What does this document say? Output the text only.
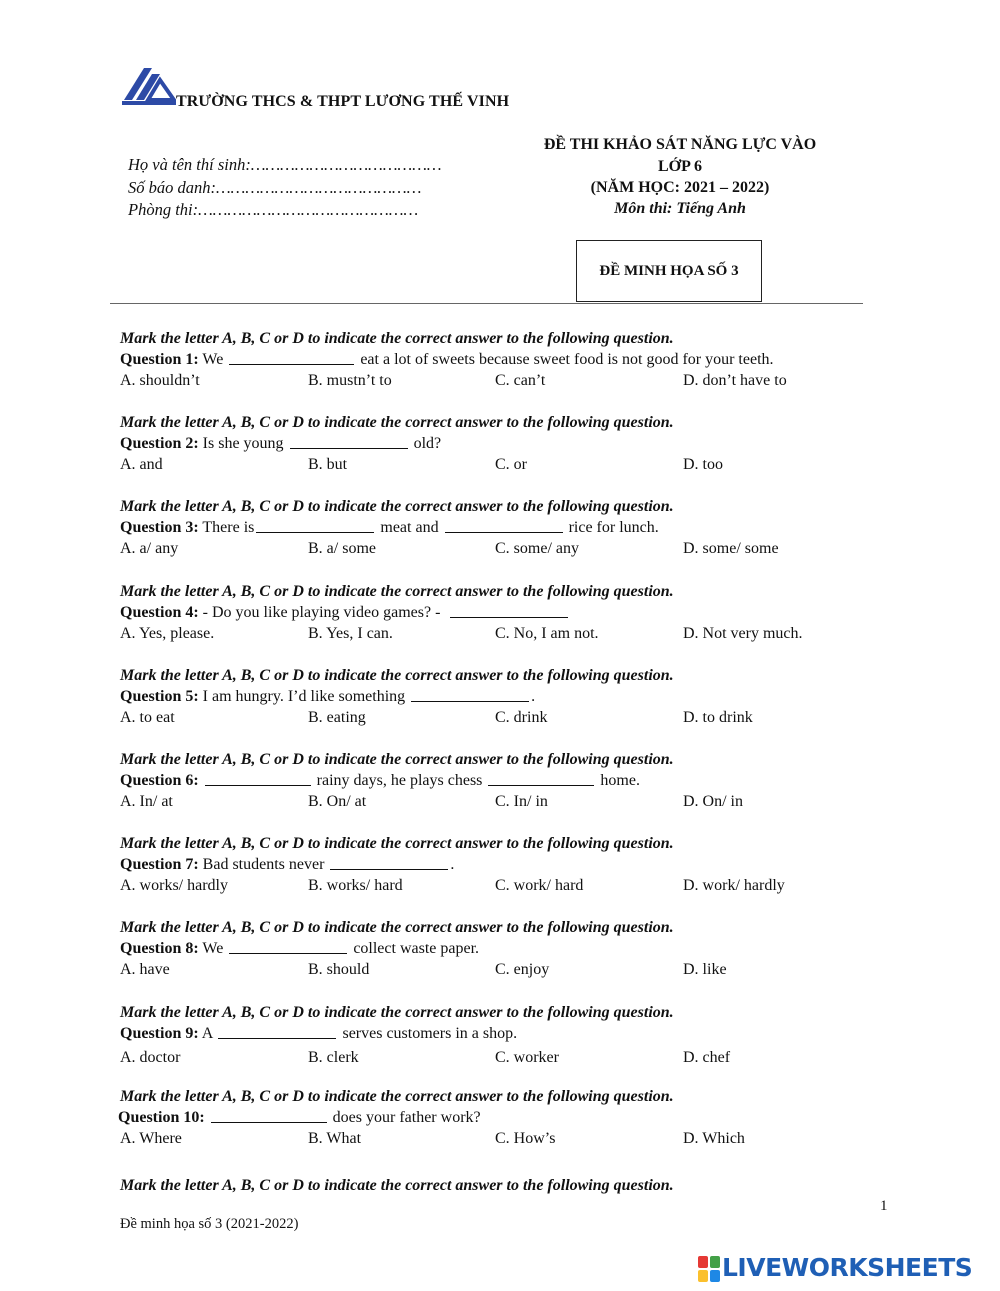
TRƯỜNG THCS & THPT LƯƠNG THẾ VINH
Họ và tên thí sinh:…………………………………
Số báo danh:……………………………………
Phòng thi:………………………………………
ĐỀ THI KHẢO SÁT NĂNG LỰC VÀO
LỚP 6
(NĂM HỌC: 2021 – 2022)
Môn thi: Tiếng Anh
ĐỀ MINH HỌA SỐ 3
Mark the letter A, B, C or D to indicate the correct answer to the following question.
Question 1: We	eat a lot of sweets because sweet food is not good for your teeth.
A. shouldn’t	B. mustn’t to	C. can’t	D. don’t have to
Mark the letter A, B, C or D to indicate the correct answer to the following question.
Question 2: Is she young	old?
A. and	B. but	C. or	D. too
Mark the letter A, B, C or D to indicate the correct answer to the following question.
Question 3: There is	meat and	rice for lunch.
A. a/ any	B. a/ some	C. some/ any	D. some/ some
Mark the letter A, B, C or D to indicate the correct answer to the following question.
Question 4: - Do you like playing video games? -
A. Yes, please.	B. Yes, I can.	C. No, I am not.	D. Not very much.
Mark the letter A, B, C or D to indicate the correct answer to the following question.
Question 5: I am hungry. I’d like something	.
A. to eat	B. eating	C. drink	D. to drink
Mark the letter A, B, C or D to indicate the correct answer to the following question.
Question 6:	rainy days, he plays chess	home.
A. In/ at	B. On/ at	C. In/ in	D. On/ in
Mark the letter A, B, C or D to indicate the correct answer to the following question.
Question 7: Bad students never	.
A. works/ hardly	B. works/ hard	C. work/ hard	D. work/ hardly
Mark the letter A, B, C or D to indicate the correct answer to the following question.
Question 8: We	collect waste paper.
A. have	B. should	C. enjoy	D. like
Mark the letter A, B, C or D to indicate the correct answer to the following question.
Question 9: A	serves customers in a shop.
A. doctor	B. clerk	C. worker	D. chef
Mark the letter A, B, C or D to indicate the correct answer to the following question.
Question 10:	does your father work?
A. Where	B. What	C. How’s	D. Which
Mark the letter A, B, C or D to indicate the correct answer to the following question.
1
Đề minh họa số 3 (2021-2022)
LIVEWORKSHEETS
